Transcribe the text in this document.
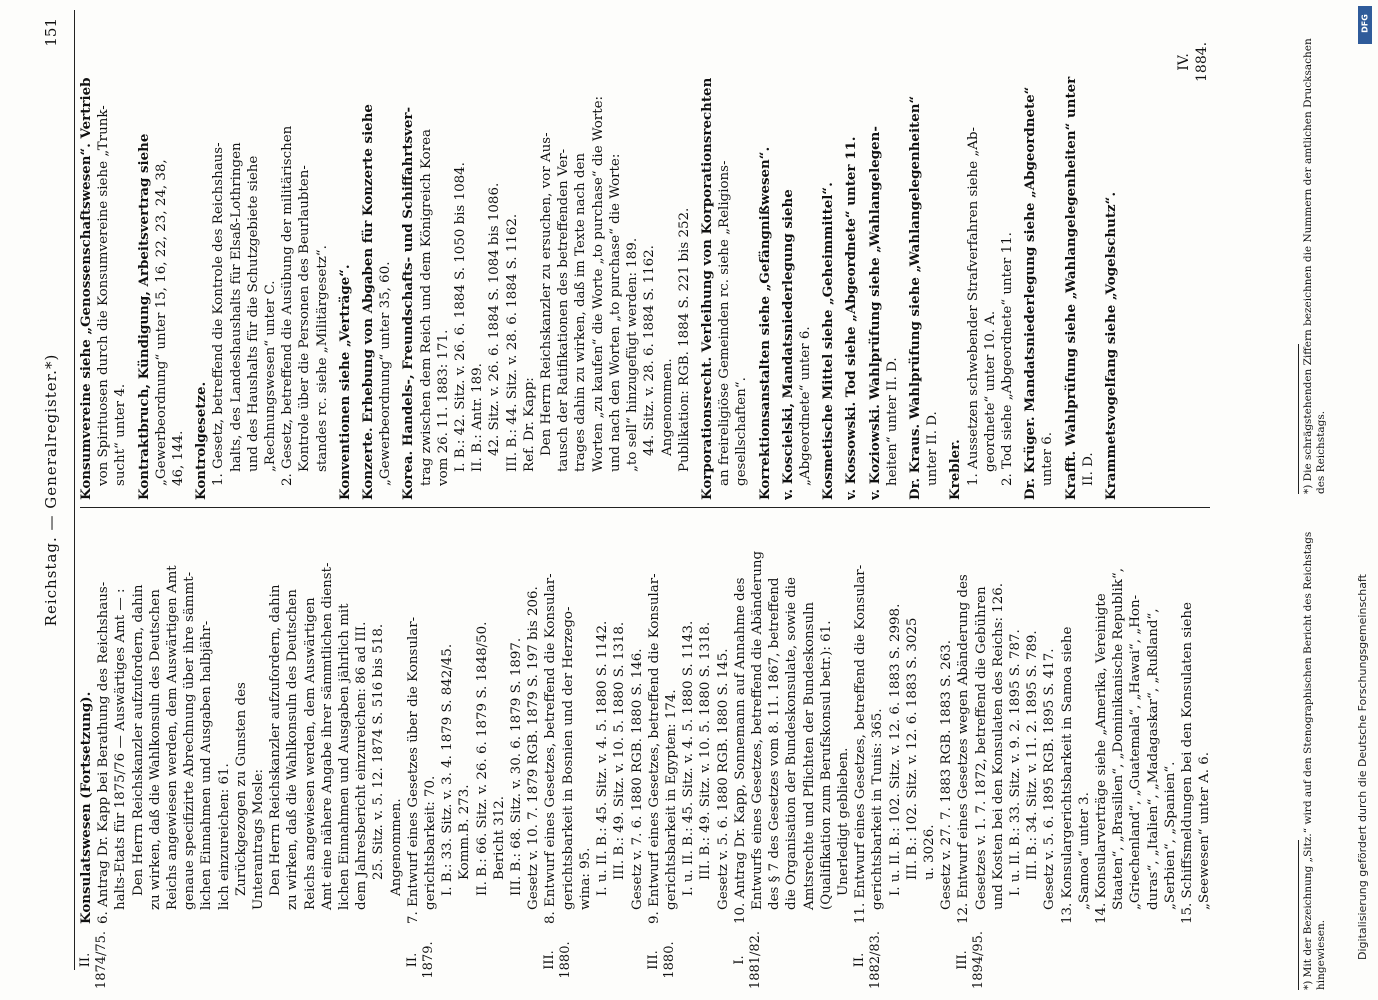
Reichstag. — Generalregister.*)
151
II.
1874/75.
Konsulatswesen (Fortsetzung). 6. Antrag Dr. Kapp bei Berathung des Reichshaus- halts-Etats für 1875/76 — Auswärtiges Amt — : Den Herrn Reichskanzler aufzufordern, dahin zu wirken, daß die Wahlkonsuln des Deutschen Reichs angewiesen werden, dem Auswärtigen Amt genaue specifizirte Abrechnung über ihre sämmt- lichen Einnahmen und Ausgaben halbjähr- lich einzureichen: 61. Zurückgezogen zu Gunsten des Unterantrags Mosle: Den Herrn Reichskanzler aufzufordern, dahin zu wirken, daß die Wahlkonsuln des Deutschen Reichs angewiesen werden, dem Auswärtigen Amt eine nähere Angabe ihrer sämmtlichen dienst- lichen Einnahmen und Ausgaben jährlich mit dem Jahresbericht einzureichen: 86 ad III. 25. Sitz. v. 5. 12. 1874 S. 516 bis 518. Angenommen.
II.
1879.
7. Entwurf eines Gesetzes über die Konsular- gerichtsbarkeit: 70. I. B.: 33. Sitz. v. 3. 4. 1879 S. 842/45. Komm.B. 273. II. B.: 66. Sitz. v. 26. 6. 1879 S. 1848/50. Bericht 312. III. B.: 68. Sitz. v. 30. 6. 1879 S. 1897. Gesetz v. 10. 7. 1879 RGB. 1879 S. 197 bis 206.
III.
1880.
8. Entwurf eines Gesetzes, betreffend die Konsular- gerichtsbarkeit in Bosnien und der Herzego- wina: 95. I. u. II. B.: 45. Sitz. v. 4. 5. 1880 S. 1142. III. B.: 49. Sitz. v. 10. 5. 1880 S. 1318. Gesetz v. 7. 6. 1880 RGB. 1880 S. 146.
III.
1880.
9. Entwurf eines Gesetzes, betreffend die Konsular- gerichtsbarkeit in Egypten: 174. I. u. II. B.: 45. Sitz. v. 4. 5. 1880 S. 1143. III. B.: 49. Sitz. v. 10. 5. 1880 S. 1318. Gesetz v. 5. 6. 1880 RGB. 1880 S. 145.
I.
1881/82.
10. Antrag Dr. Kapp, Sonnemann auf Annahme des Entwurfs eines Gesetzes, betreffend die Abänderung des § 7 des Gesetzes vom 8. 11. 1867, betreffend die Organisation der Bundeskonsulate, sowie die Amtsrechte und Pflichten der Bundeskonsuln (Qualifikation zum Berufskonsul betr.): 61. Unerledigt geblieben.
II.
1882/83.
11. Entwurf eines Gesetzes, betreffend die Konsular- gerichtsbarkeit in Tunis: 365. I. u. II. B.: 102. Sitz. v. 12. 6. 1883 S. 2998. III. B.: 102. Sitz. v. 12. 6. 1883 S. 3025 u. 3026. Gesetz v. 27. 7. 1883 RGB. 1883 S. 263.
III.
1894/95.
12. Entwurf eines Gesetzes wegen Abänderung des Gesetzes v. 1. 7. 1872, betreffend die Gebühren und Kosten bei den Konsulaten des Reichs: 126. I. u. II. B.: 33. Sitz. v. 9. 2. 1895 S. 787. III. B.: 34. Sitz. v. 11. 2. 1895 S. 789. Gesetz v. 5. 6. 1895 RGB. 1895 S. 417. 13. Konsulargerichtsbarkeit in Samoa siehe „Samoa“ unter 3. 14. Konsularverträge siehe „Amerika, Vereinigte Staaten“, „Brasilien“, „Dominikanische Republik“, „Griechenland“, „Guatemala“, „Hawai“, „Hon- duras“, „Italien“, „Madagaskar“, „Rußland“, „Serbien“, „Spanien“. 15. Schiffsmeldungen bei den Konsulaten siehe „Seewesen“ unter A. 6.
Konsumvereine siehe „Genossenschaftswesen“. Vertrieb von Spirituosen durch die Konsumvereine siehe „Trunk- sucht“ unter 4. Kontraktbruch, Kündigung, Arbeitsvertrag siehe „Gewerbeordnung“ unter 15, 16, 22, 23, 24, 38, 46, 144. Kontrolgesetze. 1. Gesetz, betreffend die Kontrole des Reichshaus- halts, des Landeshaushalts für Elsaß-Lothringen und des Haushalts für die Schutzgebiete siehe „Rechnungswesen“ unter C. 2. Gesetz, betreffend die Ausübung der militärischen Kontrole über die Personen des Beurlaubten- standes rc. siehe „Militärgesetz“. Konventionen siehe „Verträge“. Konzerte. Erhebung von Abgaben für Konzerte siehe „Gewerbeordnung“ unter 35, 60. Korea. Handels-, Freundschafts- und Schiffahrtsver- trag zwischen dem Reich und dem Königreich Korea vom 26. 11. 1883: 171. I. B.: 42. Sitz. v. 26. 6. 1884 S. 1050 bis 1084. II. B.: Antr. 189. 42. Sitz. v. 26. 6. 1884 S. 1084 bis 1086. III. B.: 44. Sitz. v. 28. 6. 1884 S. 1162. Ref. Dr. Kapp: Den Herrn Reichskanzler zu ersuchen, vor Aus- tausch der Ratifikationen des betreffenden Ver- trages dahin zu wirken, daß im Texte nach den Worten „zu kaufen“ die Worte „to purchase“ die Worte: und nach den Worten „to purchase“ die Worte: „to sell“ hinzugefügt werden: 189. 44. Sitz. v. 28. 6. 1884 S. 1162. Angenommen. Publikation: RGB. 1884 S. 221 bis 252. Korporationsrecht. Verleihung von Korporationsrechten an freireligiöse Gemeinden rc. siehe „Religions- gesellschaften“. Korrektionsanstalten siehe „Gefängnißwesen“. v. Koscielski, Mandatsniederlegung siehe „Abgeordnete“ unter 6. Kosmetische Mittel siehe „Geheimmittel“. v. Kossowski. Tod siehe „Abgeordnete“ unter 11. v. Koziowski. Wahlprüfung siehe „Wahlangelegen- heiten“ unter II. D. Dr. Kraus. Wahlprüfung siehe „Wahlangelegenheiten“ unter II. D. Krebler. 1. Aussetzen schwebender Strafverfahren siehe „Ab- geordnete“ unter 10. A. 2. Tod siehe „Abgeordnete“ unter 11. Dr. Krüger. Mandatsniederlegung siehe „Abgeordnete“ unter 6. Krafft. Wahlprüfung siehe „Wahlangelegenheiten“ unter II. D. Krammetsvogelfang siehe „Vogelschutz“.
*) Mit der Bezeichnung „Sitz.“ wird auf den Stenographischen Bericht des Reichstags hingewiesen.
*) Die schrägstehenden Ziffern bezeichnen die Nummern der amtlichen Drucksachen des Reichstags.
IV.
1884.
Digitalisierung gefördert durch die Deutsche Forschungsgemeinschaft
DFG
